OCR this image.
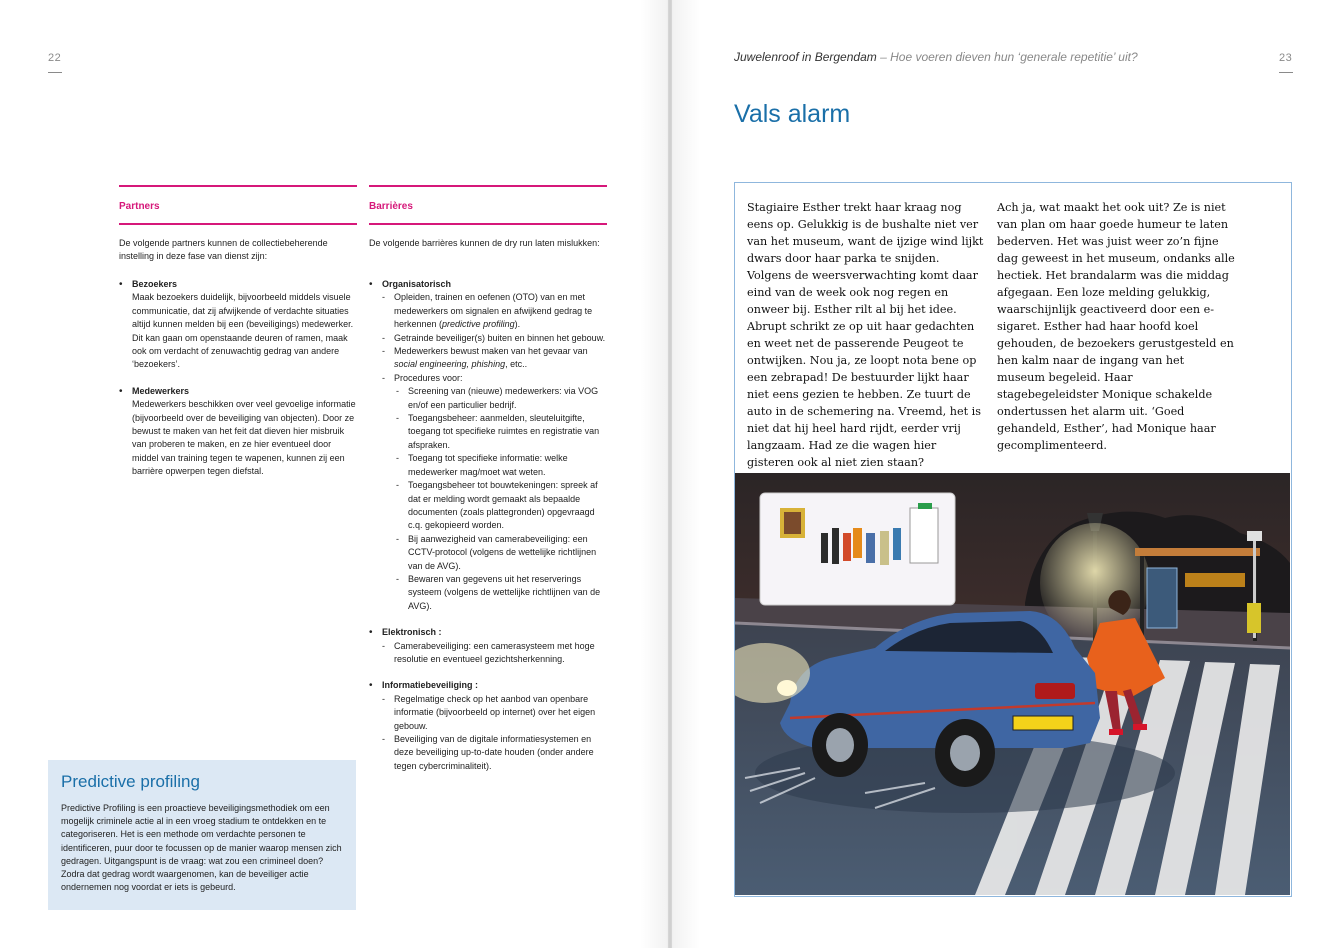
22
Partners
De volgende partners kunnen de collectiebeherende instelling in deze fase van dienst zijn:
• Bezoekers
Maak bezoekers duidelijk, bijvoorbeeld middels visuele communicatie, dat zij afwijkende of verdachte situaties altijd kunnen melden bij een (beveiligings) medewerker. Dit kan gaan om openstaande deuren of ramen, maak ook om verdacht of zenuwachtig gedrag van andere ‘bezoekers’.
• Medewerkers
Medewerkers beschikken over veel gevoelige informatie (bijvoorbeeld over de beveiliging van objecten). Door ze bewust te maken van het feit dat dieven hier misbruik van proberen te maken, en ze hier eventueel door middel van training tegen te wapenen, kunnen zij een barrière opwerpen tegen diefstal.
Barrières
De volgende barrières kunnen de dry run laten mislukken:
• Organisatorisch
- Opleiden, trainen en oefenen (OTO) van en met medewerkers om signalen en afwijkend gedrag te herkennen (predictive profiling).
- Getrainde beveiliger(s) buiten en binnen het gebouw.
- Medewerkers bewust maken van het gevaar van social engineering, phishing, etc..
- Procedures voor:
- Screening van (nieuwe) medewerkers: via VOG en/of een particulier bedrijf.
- Toegangsbeheer: aanmelden, sleuteluitgifte, toegang tot specifieke ruimtes en registratie van afspraken.
- Toegang tot specifieke informatie: welke medewerker mag/moet wat weten.
- Toegangsbeheer tot bouwtekeningen: spreek af dat er melding wordt gemaakt als bepaalde documenten (zoals plattegronden) opgevraagd c.q. gekopieerd worden.
- Bij aanwezigheid van camerabeveiliging: een CCTV-protocol (volgens de wettelijke richtlijnen van de AVG).
- Bewaren van gegevens uit het reserverings systeem (volgens de wettelijke richtlijnen van de AVG).
• Elektronisch :
- Camerabeveiliging: een camerasysteem met hoge resolutie en eventueel gezichtsherkenning.
• Informatiebeveiliging :
- Regelmatige check op het aanbod van openbare informatie (bijvoorbeeld op internet) over het eigen gebouw.
- Beveiliging van de digitale informatiesystemen en deze beveiliging up-to-date houden (onder andere tegen cybercriminaliteit).
Predictive profiling
Predictive Profiling is een proactieve beveiligingsmethodiek om een mogelijk criminele actie al in een vroeg stadium te ontdekken en te categoriseren. Het is een methode om verdachte personen te identificeren, puur door te focussen op de manier waarop mensen zich gedragen. Uitgangspunt is de vraag: wat zou een crimineel doen? Zodra dat gedrag wordt waargenomen, kan de beveiliger actie ondernemen nog voordat er iets is gebeurd.
Juwelenroof in Bergendam – Hoe voeren dieven hun ‘generale repetitie’ uit?	23
Vals alarm
Stagiaire Esther trekt haar kraag nog eens op. Gelukkig is de bushalte niet ver van het museum, want de ijzige wind lijkt dwars door haar parka te snijden. Volgens de weersverwachting komt daar eind van de week ook nog regen en onweer bij. Esther rilt al bij het idee. Abrupt schrikt ze op uit haar gedachten en weet net de passerende Peugeot te ontwijken. Nou ja, ze loopt nota bene op een zebrapad! De bestuurder lijkt haar niet eens gezien te hebben. Ze tuurt de auto in de schemering na. Vreemd, het is niet dat hij heel hard rijdt, eerder vrij langzaam. Had ze die wagen hier gisteren ook al niet zien staan?
Ach ja, wat maakt het ook uit? Ze is niet van plan om haar goede humeur te laten bederven. Het was juist weer zo’n fijne dag geweest in het museum, ondanks alle hectiek. Het brandalarm was die middag afgegaan. Een loze melding gelukkig, waarschijnlijk geactiveerd door een e-sigaret. Esther had haar hoofd koel gehouden, de bezoekers gerustgesteld en hen kalm naar de ingang van het museum begeleid. Haar stagebegeleidster Monique schakelde ondertussen het alarm uit. ‘Goed gehandeld, Esther’, had Monique haar gecomplimenteerd.
